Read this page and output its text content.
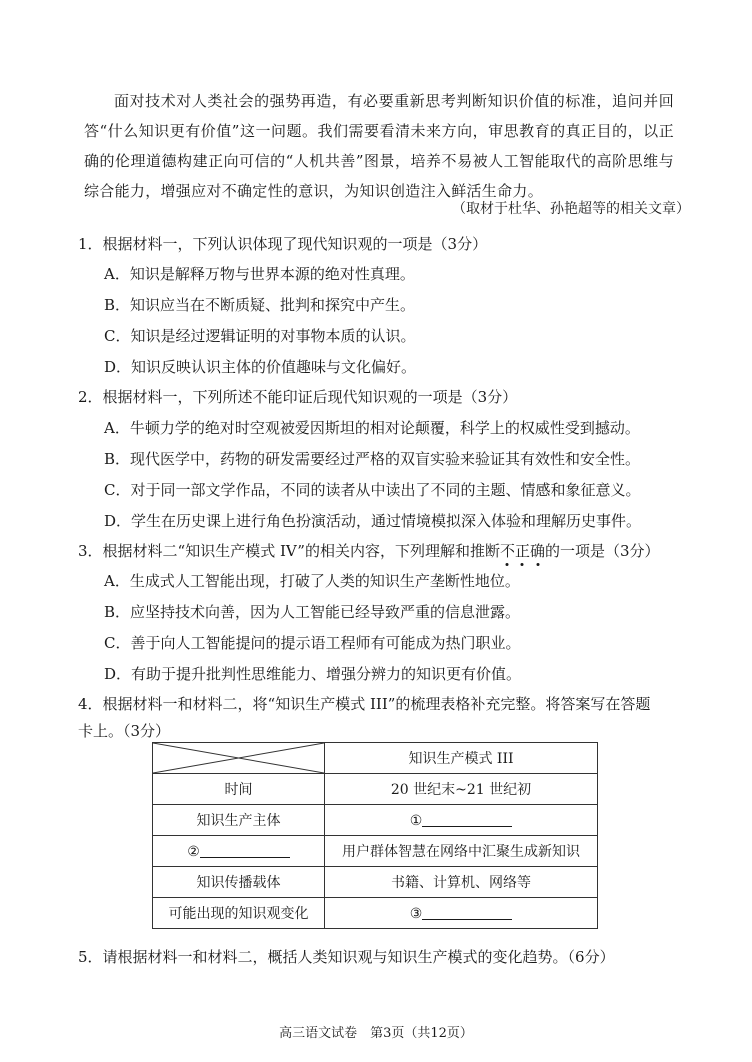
面对技术对人类社会的强势再造，有必要重新思考判断知识价值的标准，追问并回答“什么知识更有价值”这一问题。我们需要看清未来方向，审思教育的真正目的，以正确的伦理道德构建正向可信的“人机共善”图景，培养不易被人工智能取代的高阶思维与综合能力，增强应对不确定性的意识，为知识创造注入鲜活生命力。
（取材于杜华、孙艳超等的相关文章）
1．根据材料一，下列认识体现了现代知识观的一项是（3分）
A．知识是解释万物与世界本源的绝对性真理。
B．知识应当在不断质疑、批判和探究中产生。
C．知识是经过逻辑证明的对事物本质的认识。
D．知识反映认识主体的价值趣味与文化偏好。
2．根据材料一，下列所述不能印证后现代知识观的一项是（3分）
A．牛顿力学的绝对时空观被爱因斯坦的相对论颠覆，科学上的权威性受到撼动。
B．现代医学中，药物的研发需要经过严格的双盲实验来验证其有效性和安全性。
C．对于同一部文学作品，不同的读者从中读出了不同的主题、情感和象征意义。
D．学生在历史课上进行角色扮演活动，通过情境模拟深入体验和理解历史事件。
3．根据材料二“知识生产模式 IV”的相关内容，下列理解和推断不正确的一项是（3分）
A．生成式人工智能出现，打破了人类的知识生产垄断性地位。
B．应坚持技术向善，因为人工智能已经导致严重的信息泄露。
C．善于向人工智能提问的提示语工程师有可能成为热门职业。
D．有助于提升批判性思维能力、增强分辨力的知识更有价值。
4．根据材料一和材料二，将“知识生产模式 III”的梳理表格补充完整。将答案写在答题
卡上。（3分）
	知识生产模式 III
时间	20 世纪末~21 世纪初
知识生产主体	①
②	用户群体智慧在网络中汇聚生成新知识
知识传播载体	书籍、计算机、网络等
可能出现的知识观变化	③
5．请根据材料一和材料二，概括人类知识观与知识生产模式的变化趋势。（6分）
高三语文试卷　第3页（共12页）
